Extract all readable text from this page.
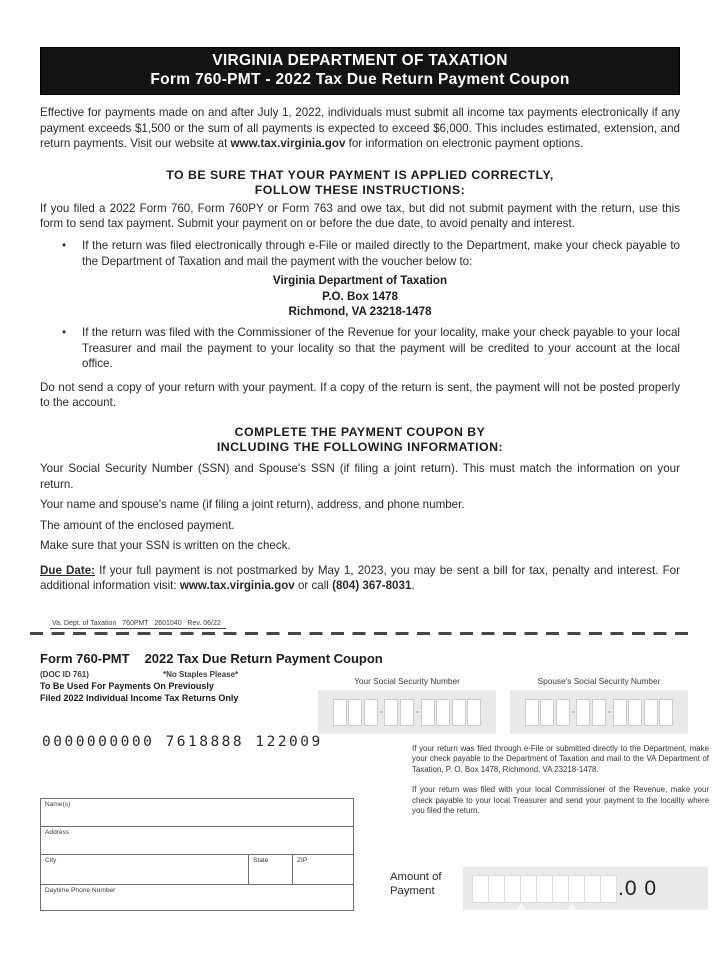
VIRGINIA DEPARTMENT OF TAXATION
Form 760-PMT - 2022 Tax Due Return Payment Coupon

Effective for payments made on and after July 1, 2022, individuals must submit all income tax payments electronically if any payment exceeds $1,500 or the sum of all payments is expected to exceed $6,000. This includes estimated, extension, and return payments. Visit our website at www.tax.virginia.gov for information on electronic payment options.

TO BE SURE THAT YOUR PAYMENT IS APPLIED CORRECTLY,
FOLLOW THESE INSTRUCTIONS:

If you filed a 2022 Form 760, Form 760PY or Form 763 and owe tax, but did not submit payment with the return, use this form to send tax payment. Submit your payment on or before the due date, to avoid penalty and interest.

•	If the return was filed electronically through e-File or mailed directly to the Department, make your check payable to the Department of Taxation and mail the payment with the voucher below to:

Virginia Department of Taxation
P.O. Box 1478
Richmond, VA 23218-1478
•	If the return was filed with the Commissioner of the Revenue for your locality, make your check payable to your local Treasurer and mail the payment to your locality so that the payment will be credited to your account at the local office.

Do not send a copy of your return with your payment. If a copy of the return is sent, the payment will not be posted properly to the account.

COMPLETE THE PAYMENT COUPON BY
INCLUDING THE FOLLOWING INFORMATION:

Your Social Security Number (SSN) and Spouse's SSN (if filing a joint return). This must match the information on your return.

Your name and spouse's name (if filing a joint return), address, and phone number.

The amount of the enclosed payment.

Make sure that your SSN is written on the check.

Due Date: If your full payment is not postmarked by May 1, 2023, you may be sent a bill for tax, penalty and interest. For additional information visit: www.tax.virginia.gov or call (804) 367-8031.

Va. Dept. of Taxation   760PMT   2601040   Rev. 06/22
Form 760-PMT 2022 Tax Due Return Payment Coupon
(DOC ID 761)	*No Staples Please*
To Be Used For Payments On Previously
Filed 2022 Individual Income Tax Returns Only
Your Social Security Number	Spouse's Social Security Number
0000000000 7618888 122009	If your return was filed through e-File or submitted directly to the Department, make your check payable to the Department of Taxation and mail to the VA Department of Taxation, P. O. Box 1478, Richmond, VA 23218-1478.

If your return was filed with your local Commissioner of the Revenue, make your check payable to your local Treasurer and send your payment to the locality where you filed the return.

Name(s)
Address
City	State	ZIP
Daytime Phone Number
Amount of
Payment	.0 0
